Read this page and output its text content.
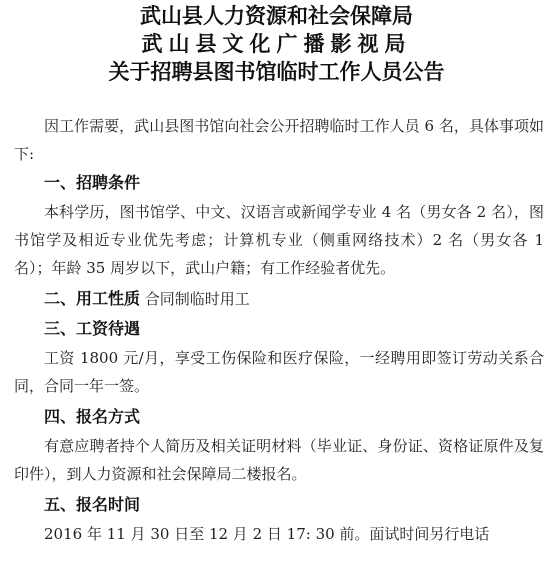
武山县人力资源和社会保障局
武山县文化广播影视局
关于招聘县图书馆临时工作人员公告

因工作需要，武山县图书馆向社会公开招聘临时工作人员 6 名，具体事项如下:

一、招聘条件

本科学历，图书馆学、中文、汉语言或新闻学专业 4 名（男女各 2 名），图书馆学及相近专业优先考虑；计算机专业（侧重网络技术）2 名（男女各 1 名）；年龄 35 周岁以下，武山户籍；有工作经验者优先。

二、用工性质 合同制临时用工

三、工资待遇

工资 1800 元/月，享受工伤保险和医疗保险，一经聘用即签订劳动关系合同，合同一年一签。

四、报名方式

有意应聘者持个人简历及相关证明材料（毕业证、身份证、资格证原件及复印件），到人力资源和社会保障局二楼报名。

五、报名时间

2016 年 11 月 30 日至 12 月 2 日 17: 30 前。面试时间另行电话
